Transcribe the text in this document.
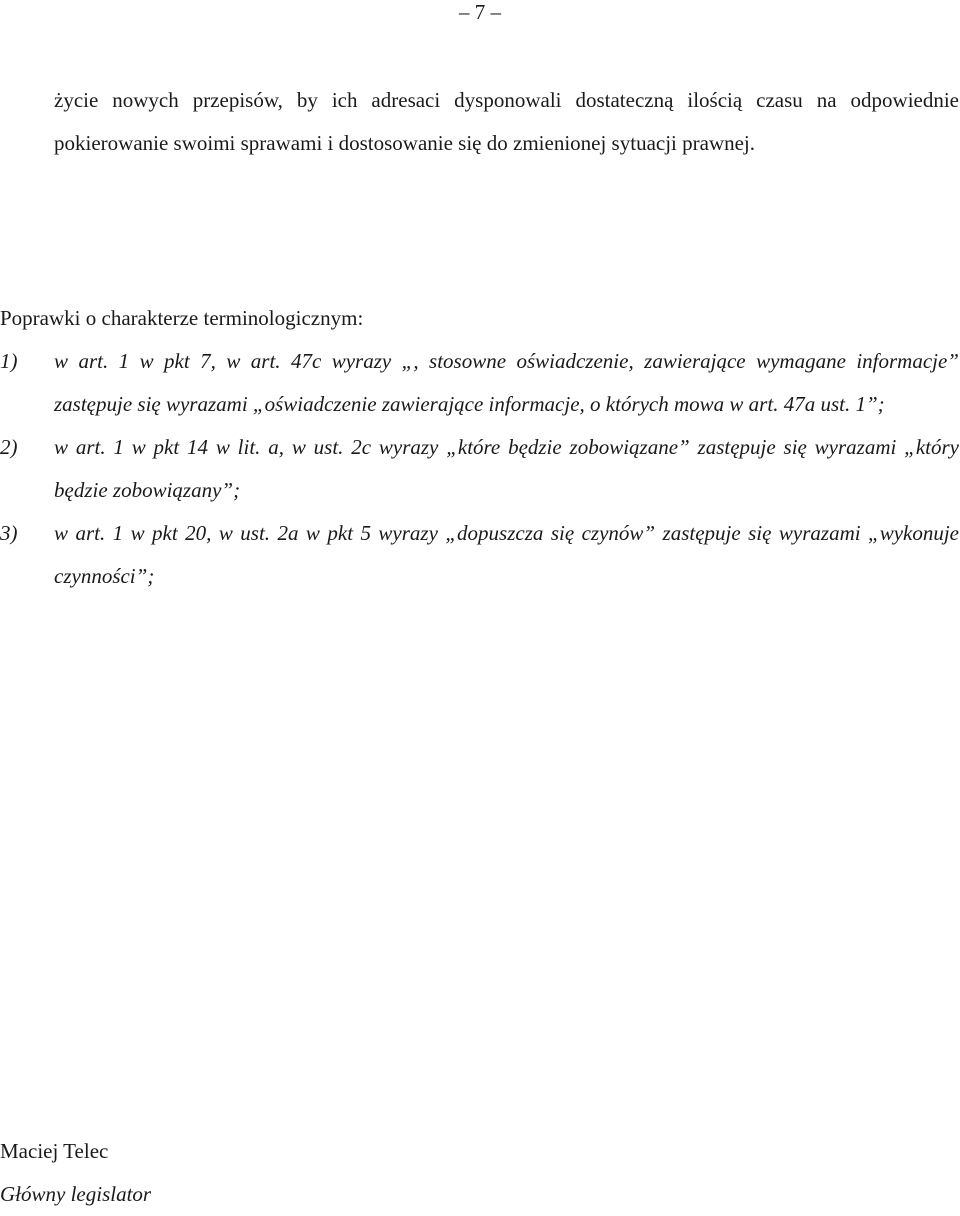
– 7 –
życie nowych przepisów, by ich adresaci dysponowali dostateczną ilością czasu na odpowiednie pokierowanie swoimi sprawami i dostosowanie się do zmienionej sytuacji prawnej.
Poprawki o charakterze terminologicznym:
1) w art. 1 w pkt 7, w art. 47c wyrazy „, stosowne oświadczenie, zawierające wymagane informacje” zastępuje się wyrazami „oświadczenie zawierające informacje, o których mowa w art. 47a ust. 1”;
2) w art. 1 w pkt 14 w lit. a, w ust. 2c wyrazy „które będzie zobowiązane” zastępuje się wyrazami „który będzie zobowiązany”;
3) w art. 1 w pkt 20, w ust. 2a w pkt 5 wyrazy „dopuszcza się czynów” zastępuje się wyrazami „wykonuje czynności”;
Maciej Telec
Główny legislator
